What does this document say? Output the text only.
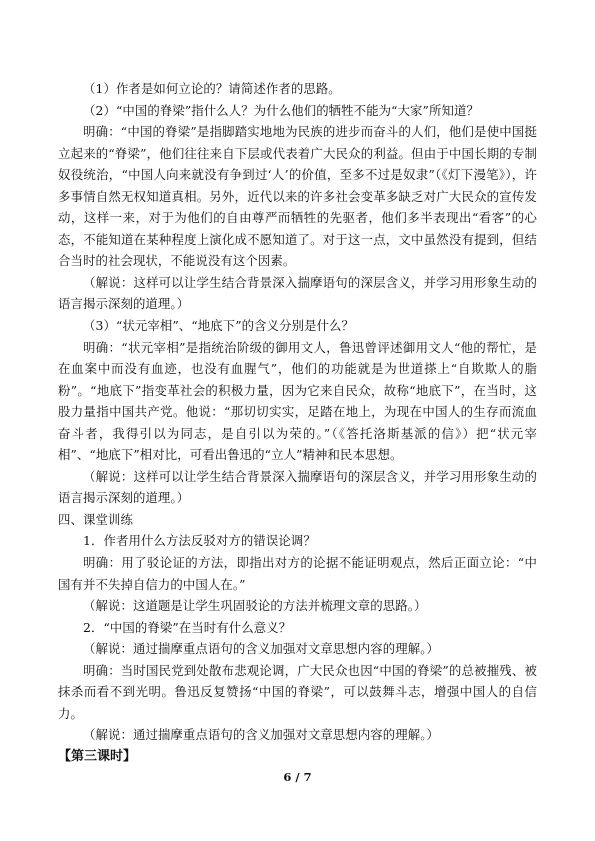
（1）作者是如何立论的？请简述作者的思路。

（2）“中国的脊梁”指什么人？为什么他们的牺牲不能为“大家”所知道？

明确：“中国的脊梁”是指脚踏实地地为民族的进步而奋斗的人们，他们是使中国挺立起来的“脊梁”，他们往往来自下层或代表着广大民众的利益。但由于中国长期的专制奴役统治，“中国人向来就没有争到过‘人’的价值，至多不过是奴隶”（《灯下漫笔》），许多事情自然无权知道真相。另外，近代以来的许多社会变革多缺乏对广大民众的宣传发动，这样一来，对于为他们的自由尊严而牺牲的先驱者，他们多半表现出“看客”的心态，不能知道在某种程度上演化成不愿知道了。对于这一点，文中虽然没有提到，但结合当时的社会现状，不能说没有这个因素。

（解说：这样可以让学生结合背景深入揣摩语句的深层含义，并学习用形象生动的语言揭示深刻的道理。）

（3）“状元宰相”、“地底下”的含义分别是什么？

明确：“状元宰相”是指统治阶级的御用文人，鲁迅曾评述御用文人“他的帮忙，是在血案中而没有血迹，也没有血腥气”，他们的功能就是为世道搽上“自欺欺人的脂粉”。“地底下”指变革社会的积极力量，因为它来自民众，故称“地底下”，在当时，这股力量指中国共产党。他说：“那切切实实，足踏在地上，为现在中国人的生存而流血奋斗者，我得引以为同志，是自引以为荣的。”（《答托洛斯基派的信》）把“状元宰相”、“地底下”相对比，可看出鲁迅的“立人”精神和民本思想。

（解说：这样可以让学生结合背景深入揣摩语句的深层含义，并学习用形象生动的语言揭示深刻的道理。）

四、课堂训练

1．作者用什么方法反驳对方的错误论调？

明确：用了驳论证的方法，即指出对方的论据不能证明观点，然后正面立论：“中国有并不失掉自信力的中国人在。”

（解说：这道题是让学生巩固驳论的方法并梳理文章的思路。）

2．“中国的脊梁”在当时有什么意义？

（解说：通过揣摩重点语句的含义加强对文章思想内容的理解。）

明确：当时国民党到处散布悲观论调，广大民众也因“中国的脊梁”的总被摧残、被抹杀而看不到光明。鲁迅反复赞扬“中国的脊梁”，可以鼓舞斗志，增强中国人的自信力。

（解说：通过揣摩重点语句的含义加强对文章思想内容的理解。）

【第三课时】

6 / 7
